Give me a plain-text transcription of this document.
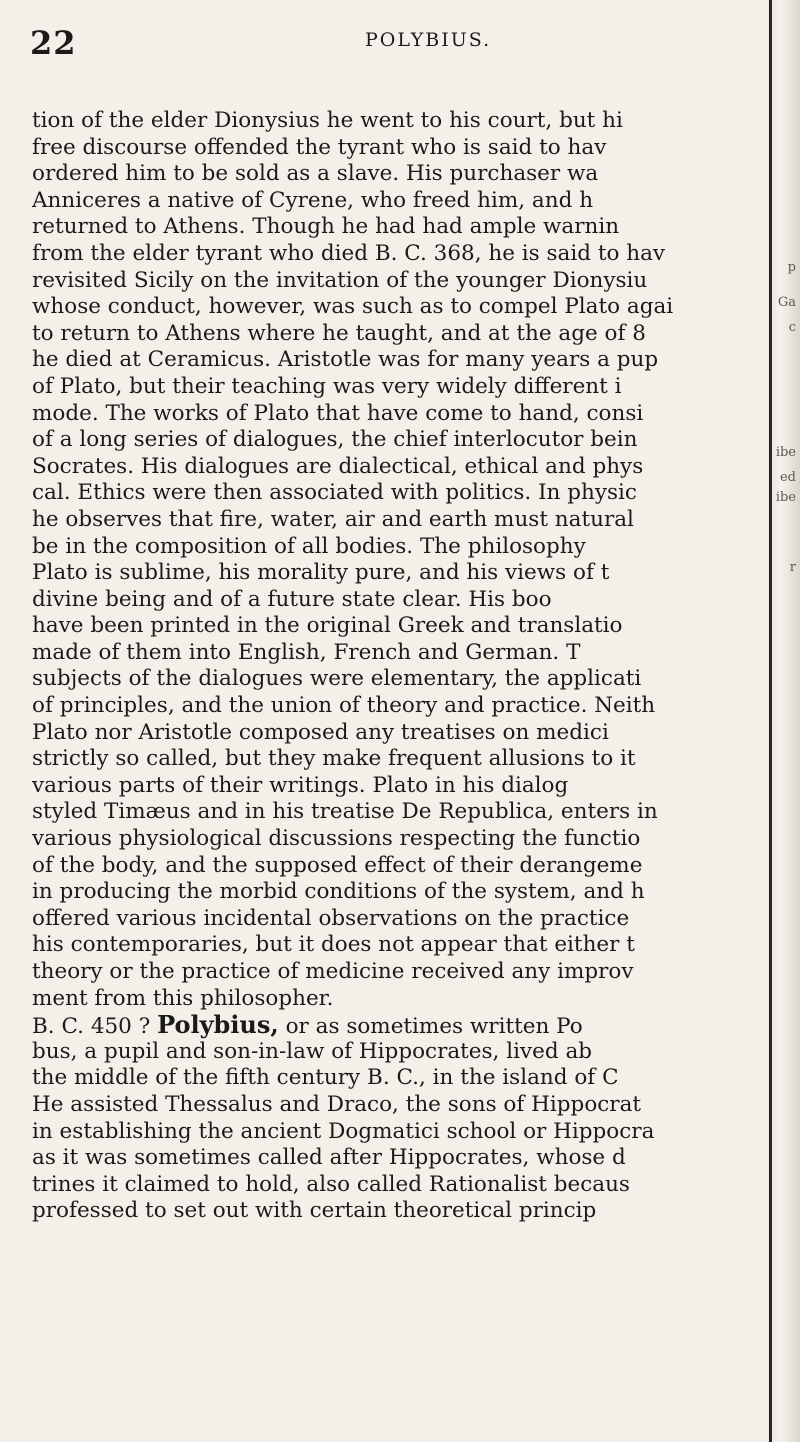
22	POLYBIUS.
tion of the elder Dionysius he went to his court, but hi
free discourse offended the tyrant who is said to hav
ordered him to be sold as a slave. His purchaser wa
Anniceres a native of Cyrene, who freed him, and h
returned to Athens. Though he had had ample warnin
from the elder tyrant who died B. C. 368, he is said to hav
revisited Sicily on the invitation of the younger Dionysiu
whose conduct, however, was such as to compel Plato agai
to return to Athens where he taught, and at the age of 8
he died at Ceramicus. Aristotle was for many years a pup
of Plato, but their teaching was very widely different i
mode. The works of Plato that have come to hand, consi
of a long series of dialogues, the chief interlocutor bein
Socrates. His dialogues are dialectical, ethical and phys
cal. Ethics were then associated with politics. In physic
he observes that fire, water, air and earth must natural
be in the composition of all bodies. The philosophy
Plato is sublime, his morality pure, and his views of t
divine being and of a future state clear. His boo
have been printed in the original Greek and translatio
made of them into English, French and German. T
subjects of the dialogues were elementary, the applicati
of principles, and the union of theory and practice. Neith
Plato nor Aristotle composed any treatises on medici
strictly so called, but they make frequent allusions to it
various parts of their writings. Plato in his dialog
styled Timæus and in his treatise De Republica, enters in
various physiological discussions respecting the functio
of the body, and the supposed effect of their derangeme
in producing the morbid conditions of the system, and h
offered various incidental observations on the practice
his contemporaries, but it does not appear that either t
theory or the practice of medicine received any improv
ment from this philosopher.
B. C. 450 ? Polybius, or as sometimes written Po
bus, a pupil and son-in-law of Hippocrates, lived ab
the middle of the fifth century B. C., in the island of C
He assisted Thessalus and Draco, the sons of Hippocrat
in establishing the ancient Dogmatici school or Hippocra
as it was sometimes called after Hippocrates, whose d
trines it claimed to hold, also called Rationalist becaus
professed to set out with certain theoretical princip
p
Ga
c
ibe
ed
ibe
r
